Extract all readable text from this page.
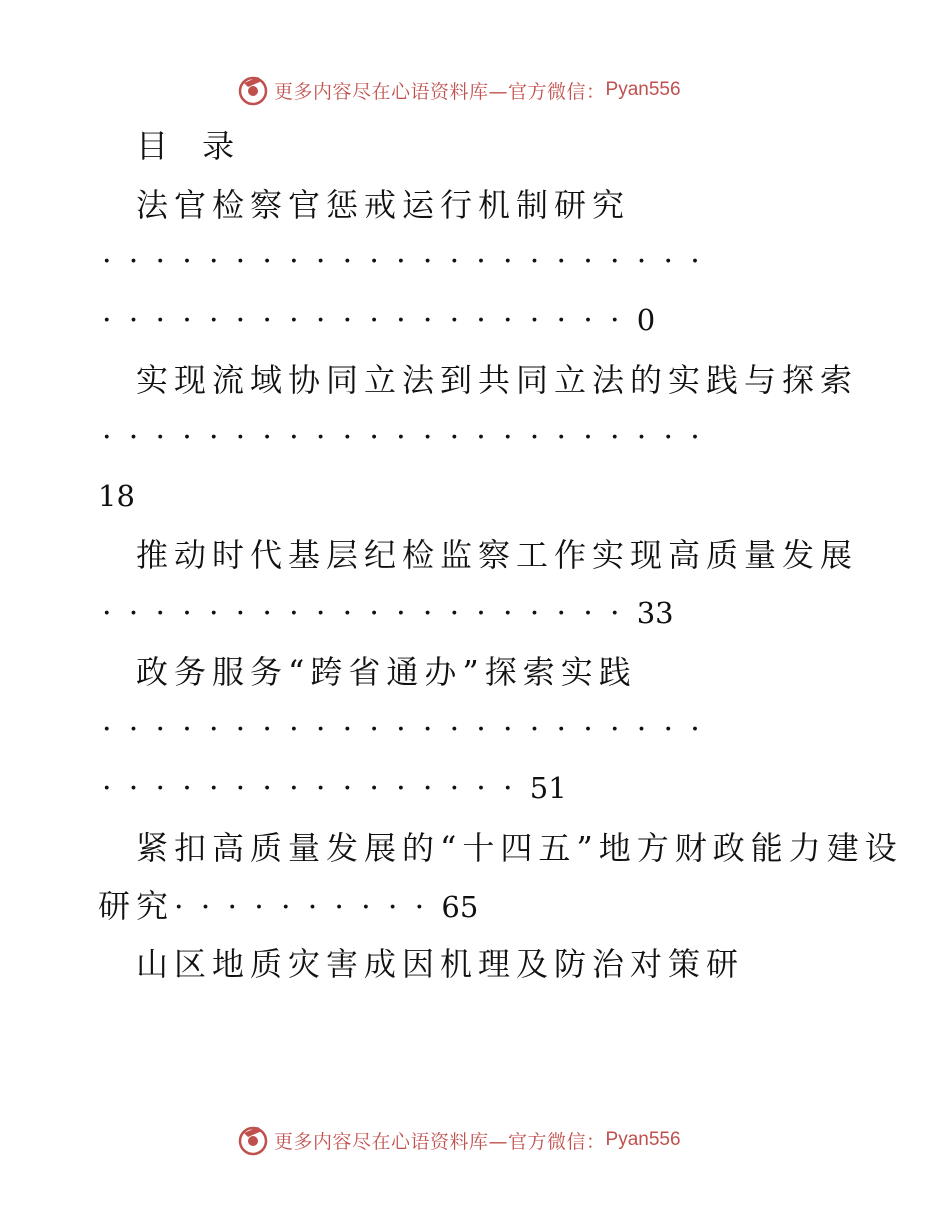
更多内容尽在心语资料库—官方微信： Pyan556
目 录
法官检察官惩戒运行机制研究
·······················
····················0
实现流域协同立法到共同立法的实践与探索
·······················
18
推动时代基层纪检监察工作实现高质量发展
····················33
政务服务“跨省通办”探索实践
·······················
················51
紧扣高质量发展的“十四五”地方财政能力建设
研究··········65
山区地质灾害成因机理及防治对策研
更多内容尽在心语资料库—官方微信： Pyan556
